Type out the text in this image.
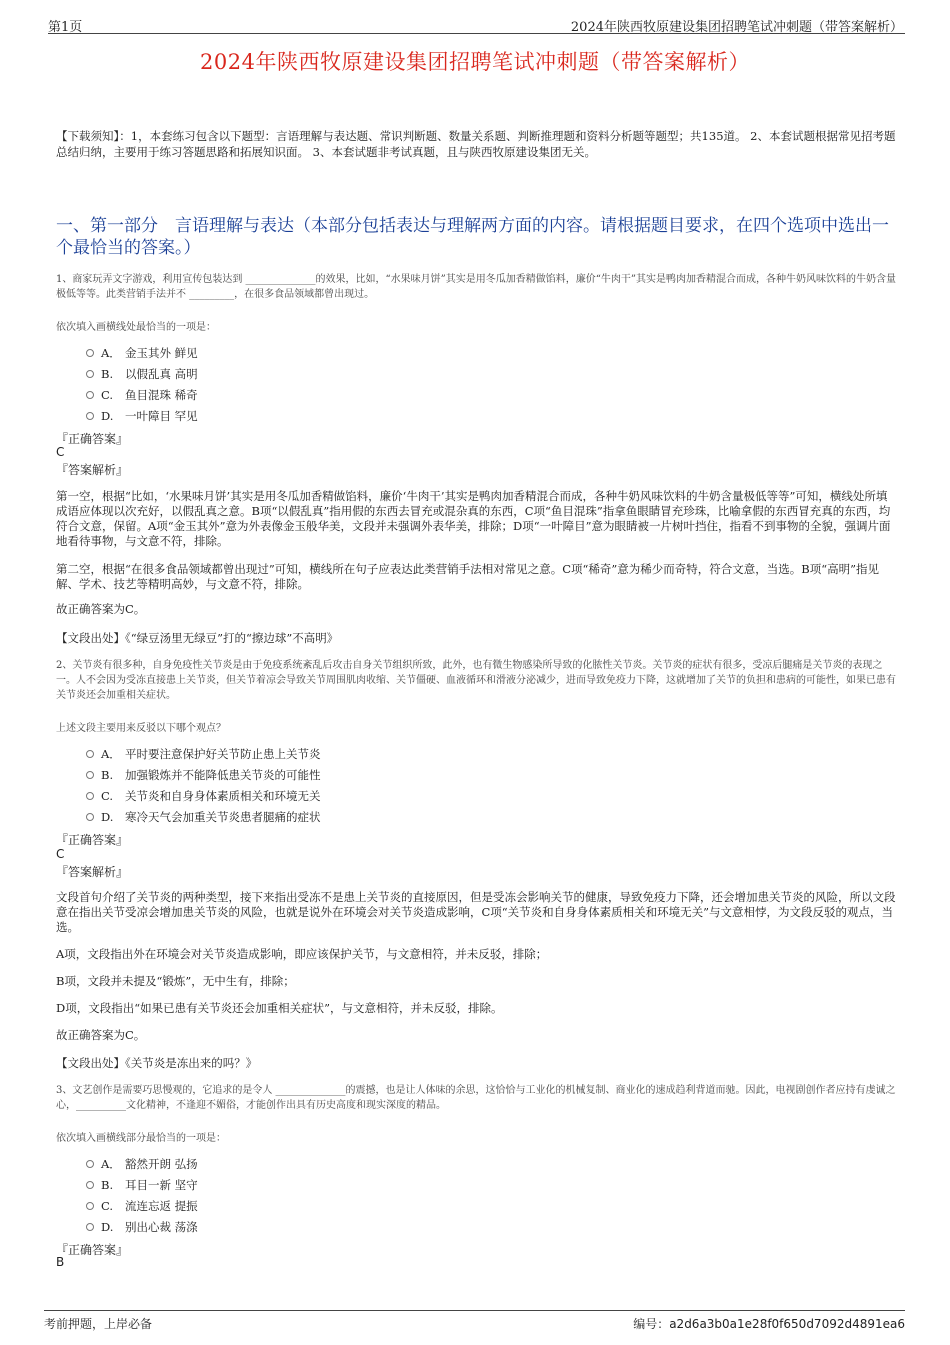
第1页	2024年陕西牧原建设集团招聘笔试冲刺题（带答案解析）
2024年陕西牧原建设集团招聘笔试冲刺题（带答案解析）
【下载须知】：1，本套练习包含以下题型：言语理解与表达题、常识判断题、数量关系题、判断推理题和资料分析题等题型；共135道。 2、本套试题根据常见招考题总结归纳，主要用于练习答题思路和拓展知识面。 3、本套试题非考试真题，且与陕西牧原建设集团无关。
一、第一部分　言语理解与表达（本部分包括表达与理解两方面的内容。请根据题目要求，在四个选项中选出一个最恰当的答案。）
1、商家玩弄文字游戏，利用宣传包装达到 ______________的效果，比如，“水果味月饼”其实是用冬瓜加香精做馅料，廉价“牛肉干”其实是鸭肉加香精混合而成，各种牛奶风味饮料的牛奶含量极低等等。此类营销手法并不 _________，在很多食品领域都曾出现过。
依次填入画横线处最恰当的一项是：
A． 金玉其外 鲜见
B.	以假乱真 高明
C.	鱼目混珠 稀奇
D.	一叶障目 罕见
『正确答案』
C
『答案解析』
第一空，根据“比如，‘水果味月饼’其实是用冬瓜加香精做馅料，廉价‘牛肉干’其实是鸭肉加香精混合而成，各种牛奶风味饮料的牛奶含量极低等等”可知，横线处所填成语应体现以次充好，以假乱真之意。B项“以假乱真”指用假的东西去冒充或混杂真的东西，C项“鱼目混珠”指拿鱼眼睛冒充珍珠，比喻拿假的东西冒充真的东西，均符合文意，保留。A项“金玉其外”意为外表像金玉般华美，文段并未强调外表华美，排除；D项“一叶障目”意为眼睛被一片树叶挡住，指看不到事物的全貌，强调片面地看待事物，与文意不符，排除。
第二空，根据“在很多食品领域都曾出现过”可知，横线所在句子应表达此类营销手法相对常见之意。C项“稀奇”意为稀少而奇特，符合文意，当选。B项“高明”指见解、学术、技艺等精明高妙，与文意不符，排除。
故正确答案为C。
【文段出处】《“绿豆汤里无绿豆”打的“擦边球”不高明》
2、关节炎有很多种，自身免疫性关节炎是由于免疫系统紊乱后攻击自身关节组织所致，此外，也有微生物感染所导致的化脓性关节炎。关节炎的症状有很多，受凉后腿痛是关节炎的表现之一。人不会因为受冻直接患上关节炎，但关节着凉会导致关节周围肌肉收缩、关节僵硬、血液循环和滑液分泌减少，进而导致免疫力下降，这就增加了关节的负担和患病的可能性，如果已患有关节炎还会加重相关症状。
上述文段主要用来反驳以下哪个观点？
A． 平时要注意保护好关节防止患上关节炎
B.	加强锻炼并不能降低患关节炎的可能性
C.	关节炎和自身身体素质相关和环境无关
D.	寒冷天气会加重关节炎患者腿痛的症状
『正确答案』
C
『答案解析』
文段首句介绍了关节炎的两种类型，接下来指出受冻不是患上关节炎的直接原因，但是受冻会影响关节的健康，导致免疫力下降，还会增加患关节炎的风险，所以文段意在指出关节受凉会增加患关节炎的风险，也就是说外在环境会对关节炎造成影响，C项“关节炎和自身身体素质相关和环境无关”与文意相悖，为文段反驳的观点，当选。
A项，文段指出外在环境会对关节炎造成影响，即应该保护关节，与文意相符，并未反驳，排除；
B项，文段并未提及“锻炼”，无中生有，排除；
D项，文段指出“如果已患有关节炎还会加重相关症状”，与文意相符，并未反驳，排除。
故正确答案为C。
【文段出处】《关节炎是冻出来的吗？》
3、文艺创作是需要巧思慢观的，它追求的是令人 ______________的震撼，也是让人体味的余思，这恰恰与工业化的机械复制、商业化的速成趋利背道而驰。因此，电视剧创作者应持有虔诚之心，__________文化精神，不逢迎不媚俗，才能创作出具有历史高度和现实深度的精品。
依次填入画横线部分最恰当的一项是：
A． 豁然开朗 弘扬
B.	耳目一新 坚守
C.	流连忘返 提振
D.	别出心裁 荡涤
『正确答案』
B
考前押题，上岸必备	编号：a2d6a3b0a1e28f0f650d7092d4891ea6
